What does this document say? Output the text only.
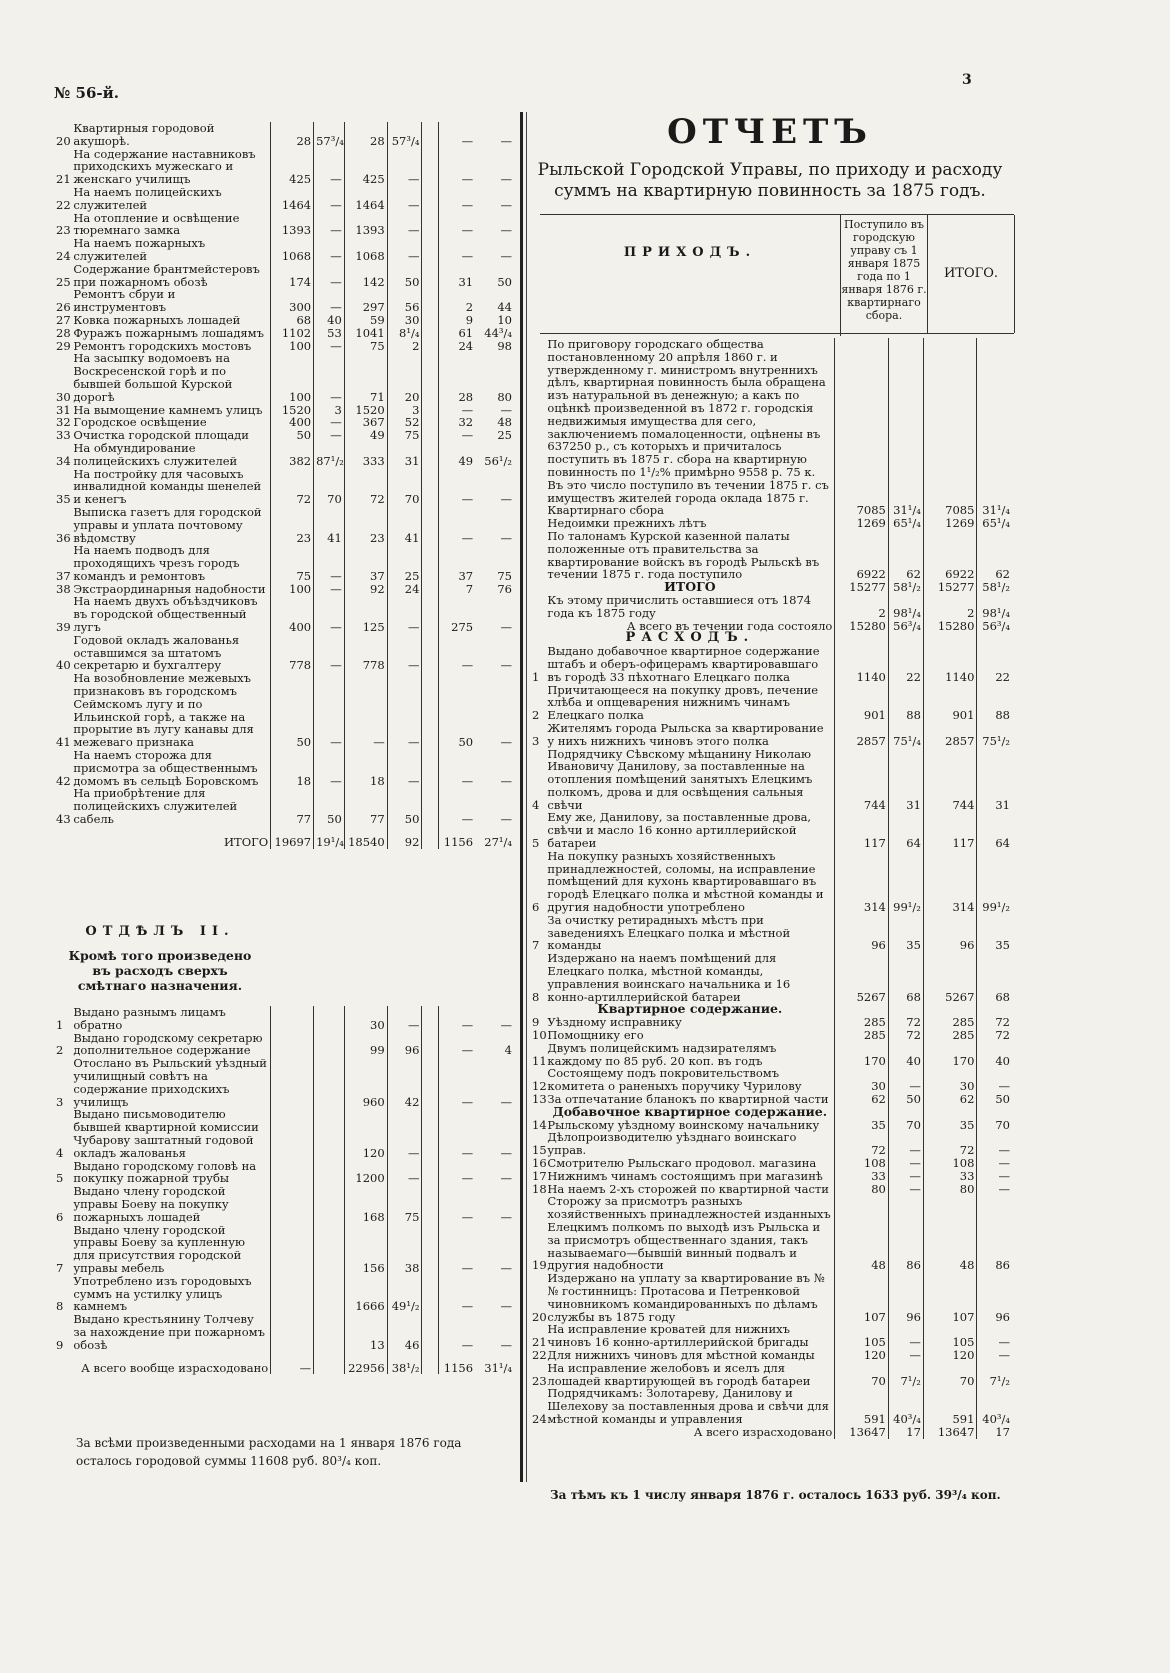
№ 56-й.
3
20	Квартирныя городовой акушорѣ.	28	57³/₄	28	57³/₄		—	—
21	На содержание наставниковъ приходскихъ мужескаго и женскаго училищъ	425	—	425	—		—	—
22	На наемъ полицейскихъ служителей	1464	—	1464	—		—	—
23	На отопление и освѣщение тюремнаго замка	1393	—	1393	—		—	—
24	На наемъ пожарныхъ служителей	1068	—	1068	—		—	—
25	Содержание брантмейстеровъ при пожарномъ обозѣ	174	—	142	50		31	50
26	Ремонтъ сбруи и инструментовъ	300	—	297	56		2	44
27	Ковка пожарныхъ лошадей	68	40	59	30		9	10
28	Фуражъ пожарнымъ лошадямъ	1102	53	1041	8¹/₄		61	44³/₄
29	Ремонтъ городскихъ мостовъ	100	—	75	2		24	98
30	На засыпку водомоевъ на Воскресенской горѣ и по бывшей большой Курской дорогѣ	100	—	71	20		28	80
31	На вымощение камнемъ улицъ	1520	3	1520	3		—	—
32	Городское освѣщение	400	—	367	52		32	48
33	Очистка городской площади	50	—	49	75		—	25
34	На обмундирование полицейскихъ служителей	382	87¹/₂	333	31		49	56¹/₂
35	На постройку для часовыхъ инвалидной команды шенелей и кенегъ	72	70	72	70		—	—
36	Выписка газетъ для городской управы и уплата почтовому вѣдомству	23	41	23	41		—	—
37	На наемъ подводъ для проходящихъ чрезъ городъ командъ и ремонтовъ	75	—	37	25		37	75
38	Экстраординарныя надобности	100	—	92	24		7	76
39	На наемъ двухъ объѣздчиковъ въ городской общественный лугъ	400	—	125	—		275	—
40	Годовой окладъ жалованья оставшимся за штатомъ секретарю и бухгалтеру	778	—	778	—		—	—
41	На возобновление межевыхъ признаковъ въ городскомъ Сеймскомъ лугу и по Ильинской горѣ, а также на прорытие въ лугу канавы для межеваго признака	50	—	—	—		50	—
42	На наемъ сторожа для присмотра за общественнымъ домомъ въ сельцѣ Боровскомъ	18	—	18	—		—	—
43	На приобрѣтение для полицейскихъ служителей сабель	77	50	77	50		—	—
	ИТОГО	19697	19¹/₄	18540	92		1156	27¹/₄
ОТДѢЛЪ II.
Кромѣ того произведено въ расходъ сверхъ смѣтнаго назначения.
1	Выдано разнымъ лицамъ обратно			30	—		—	—
2	Выдано городскому секретарю дополнительное содержание			99	96		—	4
3	Отослано въ Рыльский уѣздный училищный совѣтъ на содержание приходскихъ училищъ			960	42		—	—
4	Выдано письмоводителю бывшей квартирной комиссии Чубарову заштатный годовой окладъ жалованья			120	—		—	—
5	Выдано городскому головѣ на покупку пожарной трубы			1200	—		—	—
6	Выдано члену городской управы Боеву на покупку пожарныхъ лошадей			168	75		—	—
7	Выдано члену городской управы Боеву за купленную для присутствия городской управы мебель			156	38		—	—
8	Употреблено изъ городовыхъ суммъ на устилку улицъ камнемъ			1666	49¹/₂		—	—
9	Выдано крестьянину Толчеву за нахождение при пожарномъ обозѣ			13	46		—	—
	А всего вообще израсходовано	—		22956	38¹/₂		1156	31¹/₄
За всѣми произведенными расходами на 1 января 1876 года осталось городовой суммы 11608 руб. 80³/₄ коп.
ОТЧЕТЪ
Рыльской Городской Управы, по приходу и расходу суммъ на квартирную повинность за 1875 годъ.
ПРИХОДЪ.
Поступило въ городскую управу съ 1 января 1875 года по 1 января 1876 г. квартирнаго сбора.
ИТОГО.
	По приговору городскаго общества постановленному 20 апрѣля 1860 г. и утвержденному г. министромъ внутреннихъ дѣлъ, квартирная повинность была обращена изъ натуральной въ денежную; а какъ по оцѣнкѣ произведенной въ 1872 г. городскія недвижимыя имущества для сего, заключениемъ помалоценности, оцѣнены въ 637250 р., съ которыхъ и причиталось поступить въ 1875 г. сбора на квартирную повинность по 1¹/₂% примѣрно 9558 р. 75 к. Въ это число поступило въ течении 1875 г. съ имуществъ жителей города оклада 1875 г.				
	Квартирнаго сбора	7085	31¹/₄	7085	31¹/₄
	Недоимки прежнихъ лѣтъ	1269	65¹/₄	1269	65¹/₄
	По талонамъ Курской казенной палаты положенные отъ правительства за квартирование войскъ въ городѣ Рыльскѣ въ течении 1875 г. года поступило	6922	62	6922	62
	ИТОГО	15277	58¹/₂	15277	58¹/₂
	Къ этому причислить оставшиеся отъ 1874 года къ 1875 году	2	98¹/₄	2	98¹/₄
	А всего въ течении года состояло	15280	56³/₄	15280	56³/₄
	РАСХОДЪ.				
1	Выдано добавочное квартирное содержание штабъ и оберъ-офицерамъ квартировавшаго въ городѣ 33 пѣхотнаго Елецкаго полка	1140	22	1140	22
2	Причитающееся на покупку дровъ, печение хлѣба и опщеварения нижнимъ чинамъ Елецкаго полка	901	88	901	88
3	Жителямъ города Рыльска за квартирование у нихъ нижнихъ чиновъ этого полка	2857	75¹/₄	2857	75¹/₂
4	Подрядчику Сѣвскому мѣщанину Николаю Ивановичу Данилову, за поставленные на отопления помѣщений занятыхъ Елецкимъ полкомъ, дрова и для освѣщения сальныя свѣчи	744	31	744	31
5	Ему же, Данилову, за поставленные дрова, свѣчи и масло 16 конно артиллерийской батареи	117	64	117	64
6	На покупку разныхъ хозяйственныхъ принадлежностей, соломы, на исправление помѣщений для кухонь квартировавшаго въ городѣ Елецкаго полка и мѣстной команды и другия надобности употреблено	314	99¹/₂	314	99¹/₂
7	За очистку ретирадныхъ мѣстъ при заведенияхъ Елецкаго полка и мѣстной команды	96	35	96	35
8	Издержано на наемъ помѣщений для Елецкаго полка, мѣстной команды, управления воинскаго начальника и 16 конно-артиллерийской батареи	5267	68	5267	68
	Квартирное содержание.				
9	Уѣздному исправнику	285	72	285	72
10	Помощнику его	285	72	285	72
11	Двумъ полицейскимъ надзирателямъ каждому по 85 руб. 20 коп. въ годъ	170	40	170	40
12	Состоящему подъ покровительствомъ комитета о раненыхъ поручику Чурилову	30	—	30	—
13	За отпечатание бланокъ по квартирной части	62	50	62	50
	Добавочное квартирное содержание.				
14	Рыльскому уѣздному воинскому начальнику	35	70	35	70
15	Дѣлопроизводителю уѣзднаго воинскаго управ.	72	—	72	—
16	Смотрителю Рыльскаго продовол. магазина	108	—	108	—
17	Нижнимъ чинамъ состоящимъ при магазинѣ	33	—	33	—
18	На наемъ 2-хъ сторожей по квартирной части	80	—	80	—
19	Сторожу за присмотръ разныхъ хозяйственныхъ принадлежностей изданныхъ Елецкимъ полкомъ по выходѣ изъ Рыльска и за присмотръ общественнаго здания, такъ называемаго—бывшій винный подвалъ и другия надобности	48	86	48	86
20	Издержано на уплату за квартирование въ №№ гостинницъ: Протасова и Петренковой чиновникомъ командированныхъ по дѣламъ службы въ 1875 году	107	96	107	96
21	На исправление кроватей для нижнихъ чиновъ 16 конно-артиллерийской бригады	105	—	105	—
22	Для нижнихъ чиновъ для мѣстной команды	120	—	120	—
23	На исправление желобовъ и яселъ для лошадей квартирующей въ городѣ батареи	70	7¹/₂	70	7¹/₂
24	Подрядчикамъ: Золотареву, Данилову и Шелехову за поставленныя дрова и свѣчи для мѣстной команды и управления	591	40³/₄	591	40³/₄
	А всего израсходовано	13647	17	13647	17
За тѣмъ къ 1 числу января 1876 г. осталось 1633 руб. 39³/₄ коп.
